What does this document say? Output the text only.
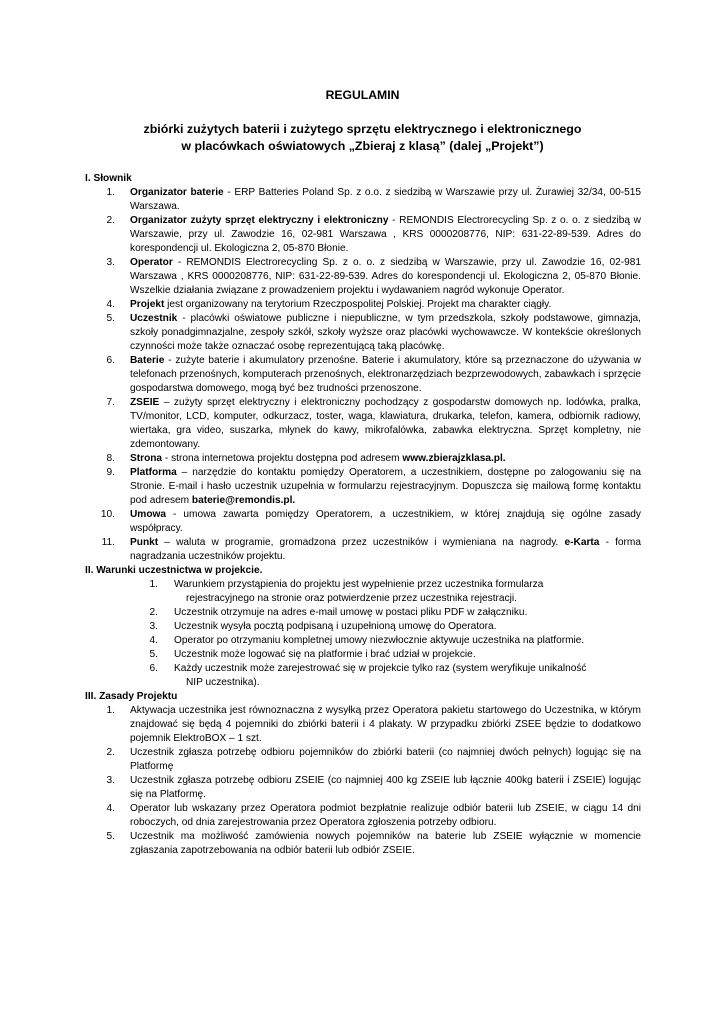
REGULAMIN
zbiórki zużytych baterii i zużytego sprzętu elektrycznego i elektronicznego
w placówkach oświatowych „Zbieraj z klasą” (dalej „Projekt”)
I. Słownik
1. Organizator baterie - ERP Batteries Poland Sp. z o.o. z siedzibą w Warszawie przy ul. Żurawiej 32/34, 00-515 Warszawa.
2. Organizator zużyty sprzęt elektryczny i elektroniczny - REMONDIS Electrorecycling Sp. z o. o. z siedzibą w Warszawie, przy ul. Zawodzie 16, 02-981 Warszawa , KRS 0000208776, NIP: 631-22-89-539. Adres do korespondencji ul. Ekologiczna 2, 05-870 Błonie.
3. Operator - REMONDIS Electrorecycling Sp. z o. o. z siedzibą w Warszawie, przy ul. Zawodzie 16, 02-981 Warszawa , KRS 0000208776, NIP: 631-22-89-539. Adres do korespondencji ul. Ekologiczna 2, 05-870 Błonie. Wszelkie działania związane z prowadzeniem projektu i wydawaniem nagród wykonuje Operator.
4. Projekt jest organizowany na terytorium Rzeczpospolitej Polskiej. Projekt ma charakter ciągły.
5. Uczestnik - placówki oświatowe publiczne i niepubliczne, w tym przedszkola, szkoły podstawowe, gimnazja, szkoły ponadgimnazjalne, zespoły szkół, szkoły wyższe oraz placówki wychowawcze. W kontekście określonych czynności może także oznaczać osobę reprezentującą taką placówkę.
6. Baterie - zużyte baterie i akumulatory przenośne. Baterie i akumulatory, które są przeznaczone do używania w telefonach przenośnych, komputerach przenośnych, elektronarzędziach bezprzewodowych, zabawkach i sprzęcie gospodarstwa domowego, mogą być bez trudności przenoszone.
7. ZSEIE – zużyty sprzęt elektryczny i elektroniczny pochodzący z gospodarstw domowych np. lodówka, pralka, TV/monitor, LCD, komputer, odkurzacz, toster, waga, klawiatura, drukarka, telefon, kamera, odbiornik radiowy, wiertaka, gra video, suszarka, młynek do kawy, mikrofalówka, zabawka elektryczna. Sprzęt kompletny, nie zdemontowany.
8. Strona - strona internetowa projektu dostępna pod adresem www.zbierajzklasa.pl.
9. Platforma – narzędzie do kontaktu pomiędzy Operatorem, a uczestnikiem, dostępne po zalogowaniu się na Stronie. E-mail i hasło uczestnik uzupełnia w formularzu rejestracyjnym. Dopuszcza się mailową formę kontaktu pod adresem baterie@remondis.pl.
10. Umowa - umowa zawarta pomiędzy Operatorem, a uczestnikiem, w której znajdują się ogólne zasady współpracy.
11. Punkt – waluta w programie, gromadzona przez uczestników i wymieniana na nagrody. e-Karta - forma nagradzania uczestników projektu.
II. Warunki uczestnictwa w projekcie.
1. Warunkiem przystąpienia do projektu jest wypełnienie przez uczestnika formularza
rejestracyjnego na stronie oraz potwierdzenie przez uczestnika rejestracji.
2. Uczestnik otrzymuje na adres e-mail umowę w postaci pliku PDF w załączniku.
3. Uczestnik wysyła pocztą podpisaną i uzupełnioną umowę do Operatora.
4. Operator po otrzymaniu kompletnej umowy niezwłocznie aktywuje uczestnika na platformie.
5. Uczestnik może logować się na platformie i brać udział w projekcie.
6. Każdy uczestnik może zarejestrować się w projekcie tylko raz (system weryfikuje unikalność
NIP uczestnika).
III. Zasady Projektu
1. Aktywacja uczestnika jest równoznaczna z wysyłką przez Operatora pakietu startowego do Uczestnika, w którym znajdować się będą 4 pojemniki do zbiórki baterii i 4 plakaty. W przypadku zbiórki ZSEE będzie to dodatkowo pojemnik ElektroBOX – 1 szt.
2. Uczestnik zgłasza potrzebę odbioru pojemników do zbiórki baterii (co najmniej dwóch pełnych) logując się na Platformę
3. Uczestnik zgłasza potrzebę odbioru ZSEIE (co najmniej 400 kg ZSEIE lub łącznie 400kg baterii i ZSEIE) logując się na Platformę.
4. Operator lub wskazany przez Operatora podmiot bezpłatnie realizuje odbiór baterii lub ZSEIE, w ciągu 14 dni roboczych, od dnia zarejestrowania przez Operatora zgłoszenia potrzeby odbioru.
5. Uczestnik ma możliwość zamówienia nowych pojemników na baterie lub ZSEIE wyłącznie w momencie zgłaszania zapotrzebowania na odbiór baterii lub odbiór ZSEIE.
